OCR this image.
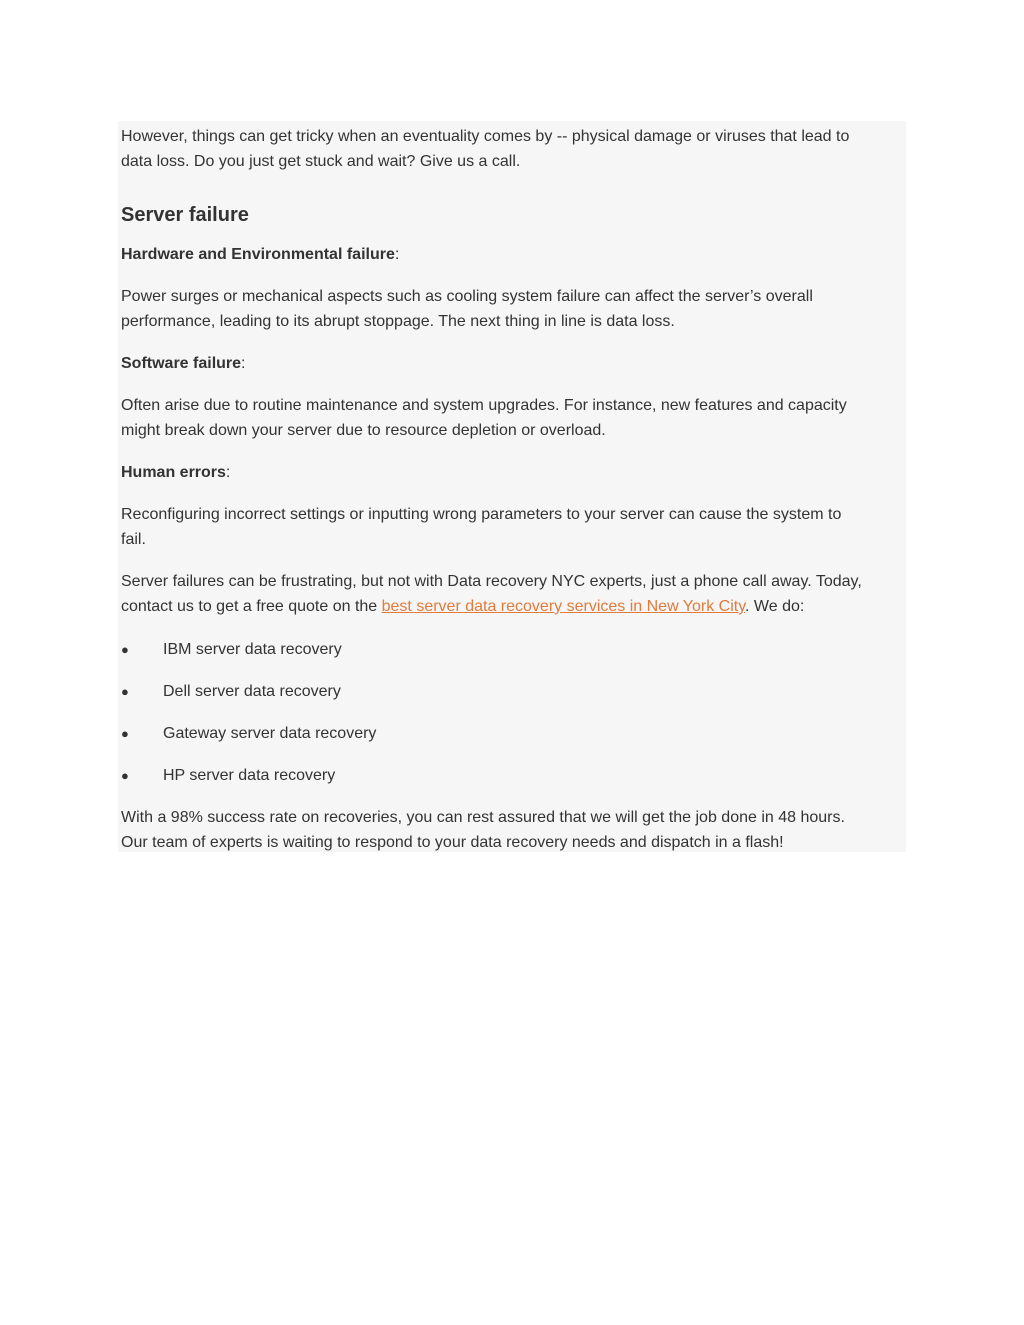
However, things can get tricky when an eventuality comes by -- physical damage or viruses that lead to

data loss. Do you just get stuck and wait? Give us a call.

Server failure

Hardware and Environmental failure:

Power surges or mechanical aspects such as cooling system failure can affect the server’s overall

performance, leading to its abrupt stoppage. The next thing in line is data loss.

Software failure:

Often arise due to routine maintenance and system upgrades. For instance, new features and capacity

might break down your server due to resource depletion or overload.

Human errors:

Reconfiguring incorrect settings or inputting wrong parameters to your server can cause the system to

fail.

Server failures can be frustrating, but not with Data recovery NYC experts, just a phone call away. Today,

contact us to get a free quote on the best server data recovery services in New York City. We do:

● IBM server data recovery
● Dell server data recovery
● Gateway server data recovery
● HP server data recovery

With a 98% success rate on recoveries, you can rest assured that we will get the job done in 48 hours.

Our team of experts is waiting to respond to your data recovery needs and dispatch in a flash!
